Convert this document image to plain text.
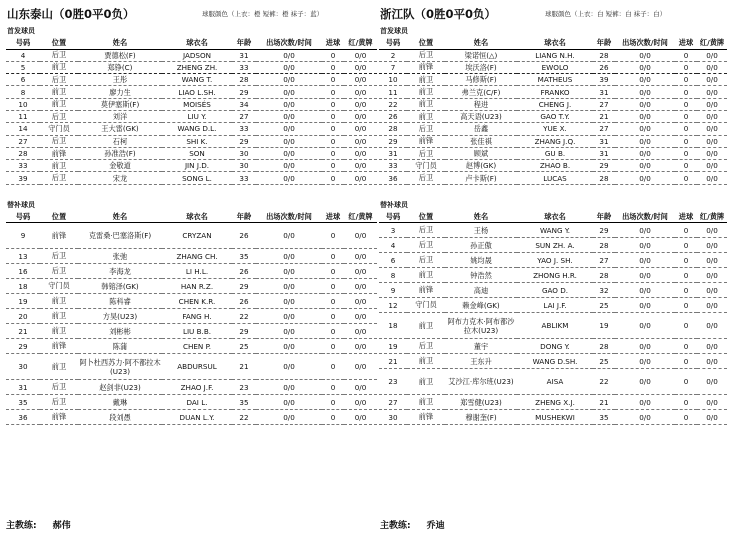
山东泰山（0胜0平0负）	球服颜色（上衣：橙 短裤：橙 袜子：蓝）
首发球员
号码	位置	姓名	球衣名	年龄	出场次数/时间	进球	红/黄牌
4	后卫	贾德松(F)	JADSON	31	0/0	0	0/0
5	前卫	郑铮(C)	ZHENG ZH.	33	0/0	0	0/0
6	后卫	王彤	WANG T.	28	0/0	0	0/0
8	前卫	廖力生	LIAO L.SH.	29	0/0	0	0/0
10	前卫	莫伊塞斯(F)	MOISÉS	34	0/0	0	0/0
11	后卫	刘洋	LIU Y.	27	0/0	0	0/0
14	守门员	王大雷(GK)	WANG D.L.	33	0/0	0	0/0
27	后卫	石柯	SHI K.	29	0/0	0	0/0
28	前锋	孙准浩(F)	SON	30	0/0	0	0/0
33	前卫	金敬道	JIN J.D.	30	0/0	0	0/0
39	后卫	宋龙	SONG L.	33	0/0	0	0/0
替补球员
号码	位置	姓名	球衣名	年龄	出场次数/时间	进球	红/黄牌
9	前锋	克雷桑·巴塞洛斯(F)	CRYZAN	26	0/0	0	0/0
13	后卫	张弛	ZHANG CH.	35	0/0	0	0/0
16	后卫	李海龙	LI H.L.	26	0/0	0	0/0
18	守门员	韩镕泽(GK)	HAN R.Z.	29	0/0	0	0/0
19	前卫	陈科睿	CHEN K.R.	26	0/0	0	0/0
20	前卫	方昊(U23)	FANG H.	22	0/0	0	0/0
21	前卫	刘彬彬	LIU B.B.	29	0/0	0	0/0
29	前锋	陈蒲	CHEN P.	25	0/0	0	0/0
30	前卫	阿卜杜西苏力·阿不都拉木(U23)	ABDURSUL	21	0/0	0	0/0
31	后卫	赵剑非(U23)	ZHAO J.F.	23	0/0	0	0/0
35	后卫	戴琳	DAI L.	35	0/0	0	0/0
36	前锋	段刘愚	DUAN L.Y.	22	0/0	0	0/0
浙江队（0胜0平0负）	球服颜色（上衣：白 短裤：白 袜子：白）
首发球员
号码	位置	姓名	球衣名	年龄	出场次数/时间	进球	红/黄牌
2	后卫	梁诺恒(△)	LIANG N.H.	28	0/0	0	0/0
7	前锋	埃沃洛(F)	EWOLO	26	0/0	0	0/0
10	前卫	马修斯(F)	MATHEUS	39	0/0	0	0/0
11	前卫	弗兰克(C/F)	FRANKO	31	0/0	0	0/0
22	前卫	程进	CHENG J.	27	0/0	0	0/0
26	前卫	高天语(U23)	GAO T.Y.	21	0/0	0	0/0
28	后卫	岳鑫	YUE X.	27	0/0	0	0/0
29	前锋	张佳祺	ZHANG J.Q.	31	0/0	0	0/0
31	后卫	顾斌	GU B.	31	0/0	0	0/0
33	守门员	赵博(GK)	ZHAO B.	29	0/0	0	0/0
36	后卫	卢卡斯(F)	LUCAS	28	0/0	0	0/0
替补球员
号码	位置	姓名	球衣名	年龄	出场次数/时间	进球	红/黄牌
3	后卫	王杨	WANG Y.	29	0/0	0	0/0
4	后卫	孙正傲	SUN ZH. A.	28	0/0	0	0/0
6	后卫	姚均晟	YAO J. SH.	27	0/0	0	0/0
8	前卫	钟浩然	ZHONG H.R.	28	0/0	0	0/0
9	前锋	高迪	GAO D.	32	0/0	0	0/0
12	守门员	赖金峰(GK)	LAI J.F.	25	0/0	0	0/0
18	前卫	阿布力克木·阿布都沙拉木(U23)	ABLIKM	19	0/0	0	0/0
19	后卫	董宇	DONG Y.	28	0/0	0	0/0
21	前卫	王东升	WANG D.SH.	25	0/0	0	0/0
23	前卫	艾沙江·库尔班(U23)	AISA	22	0/0	0	0/0
27	前卫	郑雪健(U23)	ZHENG X.J.	21	0/0	0	0/0
30	前锋	穆谢奎(F)	MUSHEKWI	35	0/0	0	0/0
主教练: 郝伟	主教练: 乔迪
